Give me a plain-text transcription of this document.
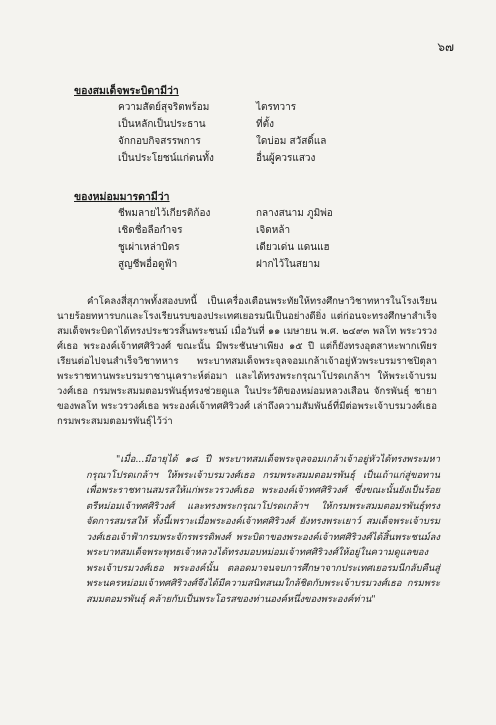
๖๗
ของสมเด็จพระบิดามีว่า
ความสัตย์สุจริตพร้อม	ไตรทวาร
เป็นหลักเป็นประธาน	ที่ตั้ง
จักกอบกิจสรรพการ	ใดบ่อม สวัสดิ์แล
เป็นประโยชน์แก่ตนทั้ง	อื่นผู้ควรแสวง
ของหม่อมมารดามีว่า
ชีพมลายไว้เกียรติก้อง	กลางสนาม ภูมิพ่อ
เชิดชื่อลือกำจร	เจิดหล้า
ชูเผ่าเหล่าบิดร	เดียวเด่น แดนแฮ
สูญชีพอื่อดูฟ้า	ฝากไว้ในสยาม
คำโคลงสี่สุภาพทั้งสองบทนี้ เป็นเครื่องเตือนพระทัยให้ทรงศึกษาวิชาทหารในโรงเรียนนายร้อยทหารบกและโรงเรียนรบของประเทศเยอรมนีเป็นอย่างดียิ่ง แต่ก่อนจะทรงศึกษาสำเร็จ สมเด็จพระบิดาได้ทรงประชวรสิ้นพระชนม์ เมื่อวันที่ ๑๑ เมษายน พ.ศ. ๒๔๙๓ พลโท พระวรวงศ์เธอ พระองค์เจ้าทศศิริวงศ์ ขณะนั้น มีพระชันษาเพียง ๑๕ ปี แต่ก็ยังทรงอุตสาหะพากเพียรเรียนต่อไปจนสำเร็จวิชาทหาร พระบาทสมเด็จพระจุลจอมเกล้าเจ้าอยู่หัวพระบรมราชปิตุลาพระราชทานพระบรมราชานุเคราะห์ต่อมา และได้ทรงพระกรุณาโปรดเกล้าฯ ให้พระเจ้าบรมวงศ์เธอ กรมพระสมมตอมรพันธุ์ทรงช่วยดูแล ในประวัติของหม่อมหลวงเสือน จักรพันธุ์ ชายาของพลโท พระวรวงศ์เธอ พระองค์เจ้าทศศิริวงศ์ เล่าถึงความสัมพันธ์ที่มีต่อพระเจ้าบรมวงศ์เธอ กรมพระสมมตอมรพันธุ์ไว้ว่า
"เมื่อ...มีอายุได้ ๑๘ ปี พระบาทสมเด็จพระจุลจอมเกล้าเจ้าอยู่หัวได้ทรงพระมหากรุณาโปรดเกล้าฯ ให้พระเจ้าบรมวงศ์เธอ กรมพระสมมตอมรพันธุ์ เป็นเถ้าแก่สู่ขอทาน เพื่อพระราชทานสมรสให้แก่พระวรวงศ์เธอ พระองค์เจ้าทศศิริวงศ์ ซึ่งขณะนั้นยังเป็นร้อยตรีหม่อมเจ้าทศศิริวงศ์ และทรงพระกรุณาโปรดเกล้าฯ ให้กรมพระสมมตอมรพันธุ์ทรงจัดการสมรสให้ ทั้งนี้เพราะเมื่อพระองค์เจ้าทศศิริวงศ์ ยังทรงพระเยาว์ สมเด็จพระเจ้าบรมวงศ์เธอเจ้าฟ้ากรมพระจักรพรรดิพงศ์ พระบิดาของพระองค์เจ้าทศศิริวงศ์ได้สิ้นพระชนม์ลง พระบาทสมเด็จพระพุทธเจ้าหลวงได้ทรงมอบหม่อมเจ้าทศศิริวงศ์ให้อยู่ในความดูแลของพระเจ้าบรมวงศ์เธอ พระองค์นั้น ตลอดมาจนจบการศึกษาจากประเทศเยอรมนีกลับคืนสู่พระนครหม่อมเจ้าทศศิริวงศ์จึงได้มีความสนิทสนมใกล้ชิดกับพระเจ้าบรมวงศ์เธอ กรมพระสมมตอมรพันธุ์ คล้ายกับเป็นพระโอรสของท่านองค์หนึ่งของพระองค์ท่าน"
